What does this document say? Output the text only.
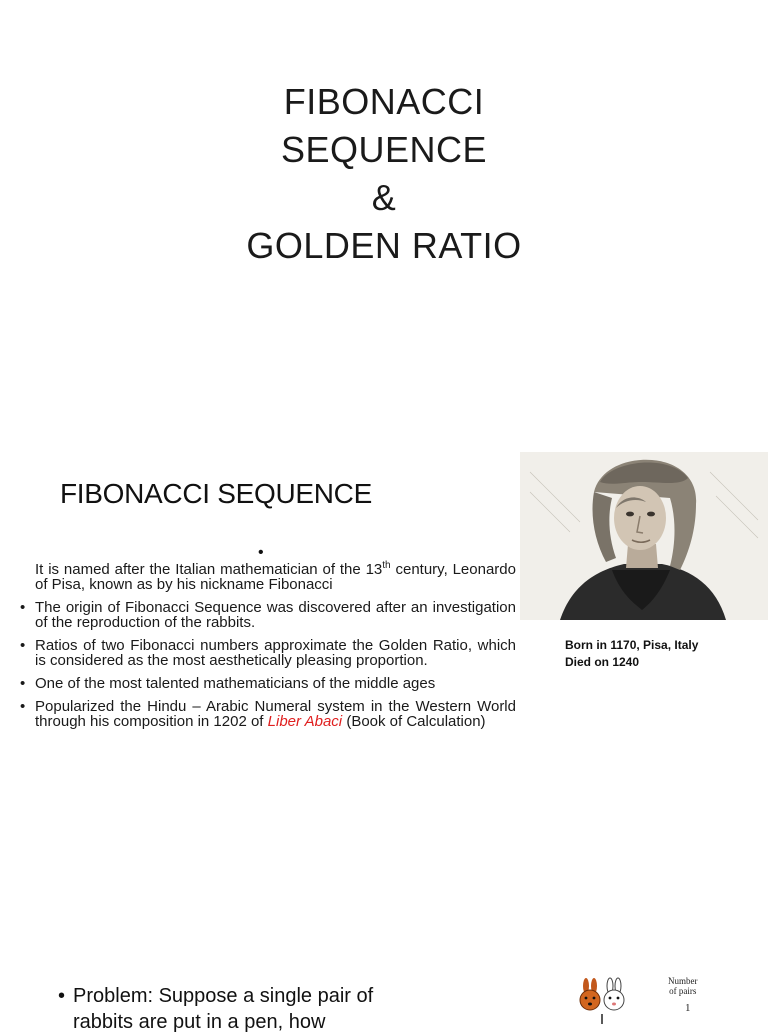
FIBONACCI
SEQUENCE
&
GOLDEN RATIO
FIBONACCI SEQUENCE
•
It is named after the Italian mathematician of the 13th century, Leonardo of Pisa, known as by his nickname Fibonacci
• The origin of Fibonacci Sequence was discovered after an investigation of the reproduction of the rabbits.
• Ratios of two Fibonacci numbers approximate the Golden Ratio, which is considered as the most aesthetically pleasing proportion.
• One of the most talented mathematicians of the middle ages
• Popularized the Hindu – Arabic Numeral system in the Western World through his composition in 1202 of Liber Abaci (Book of Calculation)
Born in 1170, Pisa, Italy
Died on 1240
• Problem: Suppose a single pair of rabbits are put in a pen, how
Number
of pairs
1
